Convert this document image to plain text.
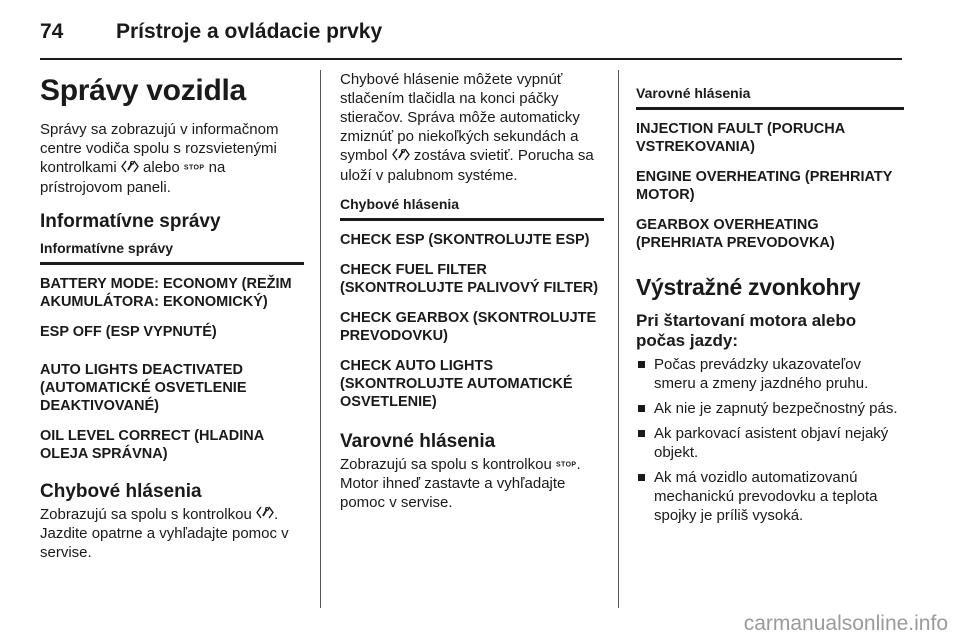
74	Prístroje a ovládacie prvky
Správy vozidla

Správy sa zobrazujú v informačnom centre vodiča spolu s rozsvietenými kontrolkami  alebo STOP na prístrojovom paneli.

Informatívne správy
Informatívne správy
BATTERY MODE: ECONOMY (REŽIM AKUMULÁTORA: EKONOMICKÝ)
ESP OFF (ESP VYPNUTÉ)
AUTO LIGHTS DEACTIVATED (AUTOMATICKÉ OSVETLENIE DEAKTIVOVANÉ)
OIL LEVEL CORRECT (HLADINA OLEJA SPRÁVNA)
Chybové hlásenia

Zobrazujú sa spolu s kontrolkou . Jazdite opatrne a vyhľadajte pomoc v servise.

Chybové hlásenie môžete vypnúť stlačením tlačidla na konci páčky stieračov. Správa môže automaticky zmiznúť po niekoľkých sekundách a symbol  zostáva svietiť. Porucha sa uloží v palubnom systéme.

Chybové hlásenia
CHECK ESP (SKONTROLUJTE ESP)
CHECK FUEL FILTER (SKONTROLUJTE PALIVOVÝ FILTER)
CHECK GEARBOX (SKONTROLUJTE PREVODOVKU)
CHECK AUTO LIGHTS (SKONTROLUJTE AUTOMATICKÉ OSVETLENIE)
Varovné hlásenia

Zobrazujú sa spolu s kontrolkou STOP. Motor ihneď zastavte a vyhľadajte pomoc v servise.

Varovné hlásenia
INJECTION FAULT (PORUCHA VSTREKOVANIA)
ENGINE OVERHEATING (PREHRIATY MOTOR)
GEARBOX OVERHEATING (PREHRIATA PREVODOVKA)
Výstražné zvonkohry
Pri štartovaní motora alebo počas jazdy:
Počas prevádzky ukazovateľov smeru a zmeny jazdného pruhu.
Ak nie je zapnutý bezpečnostný pás.
Ak parkovací asistent objaví nejaký objekt.
Ak má vozidlo automatizovanú mechanickú prevodovku a teplota spojky je príliš vysoká.
carmanualsonline.info
